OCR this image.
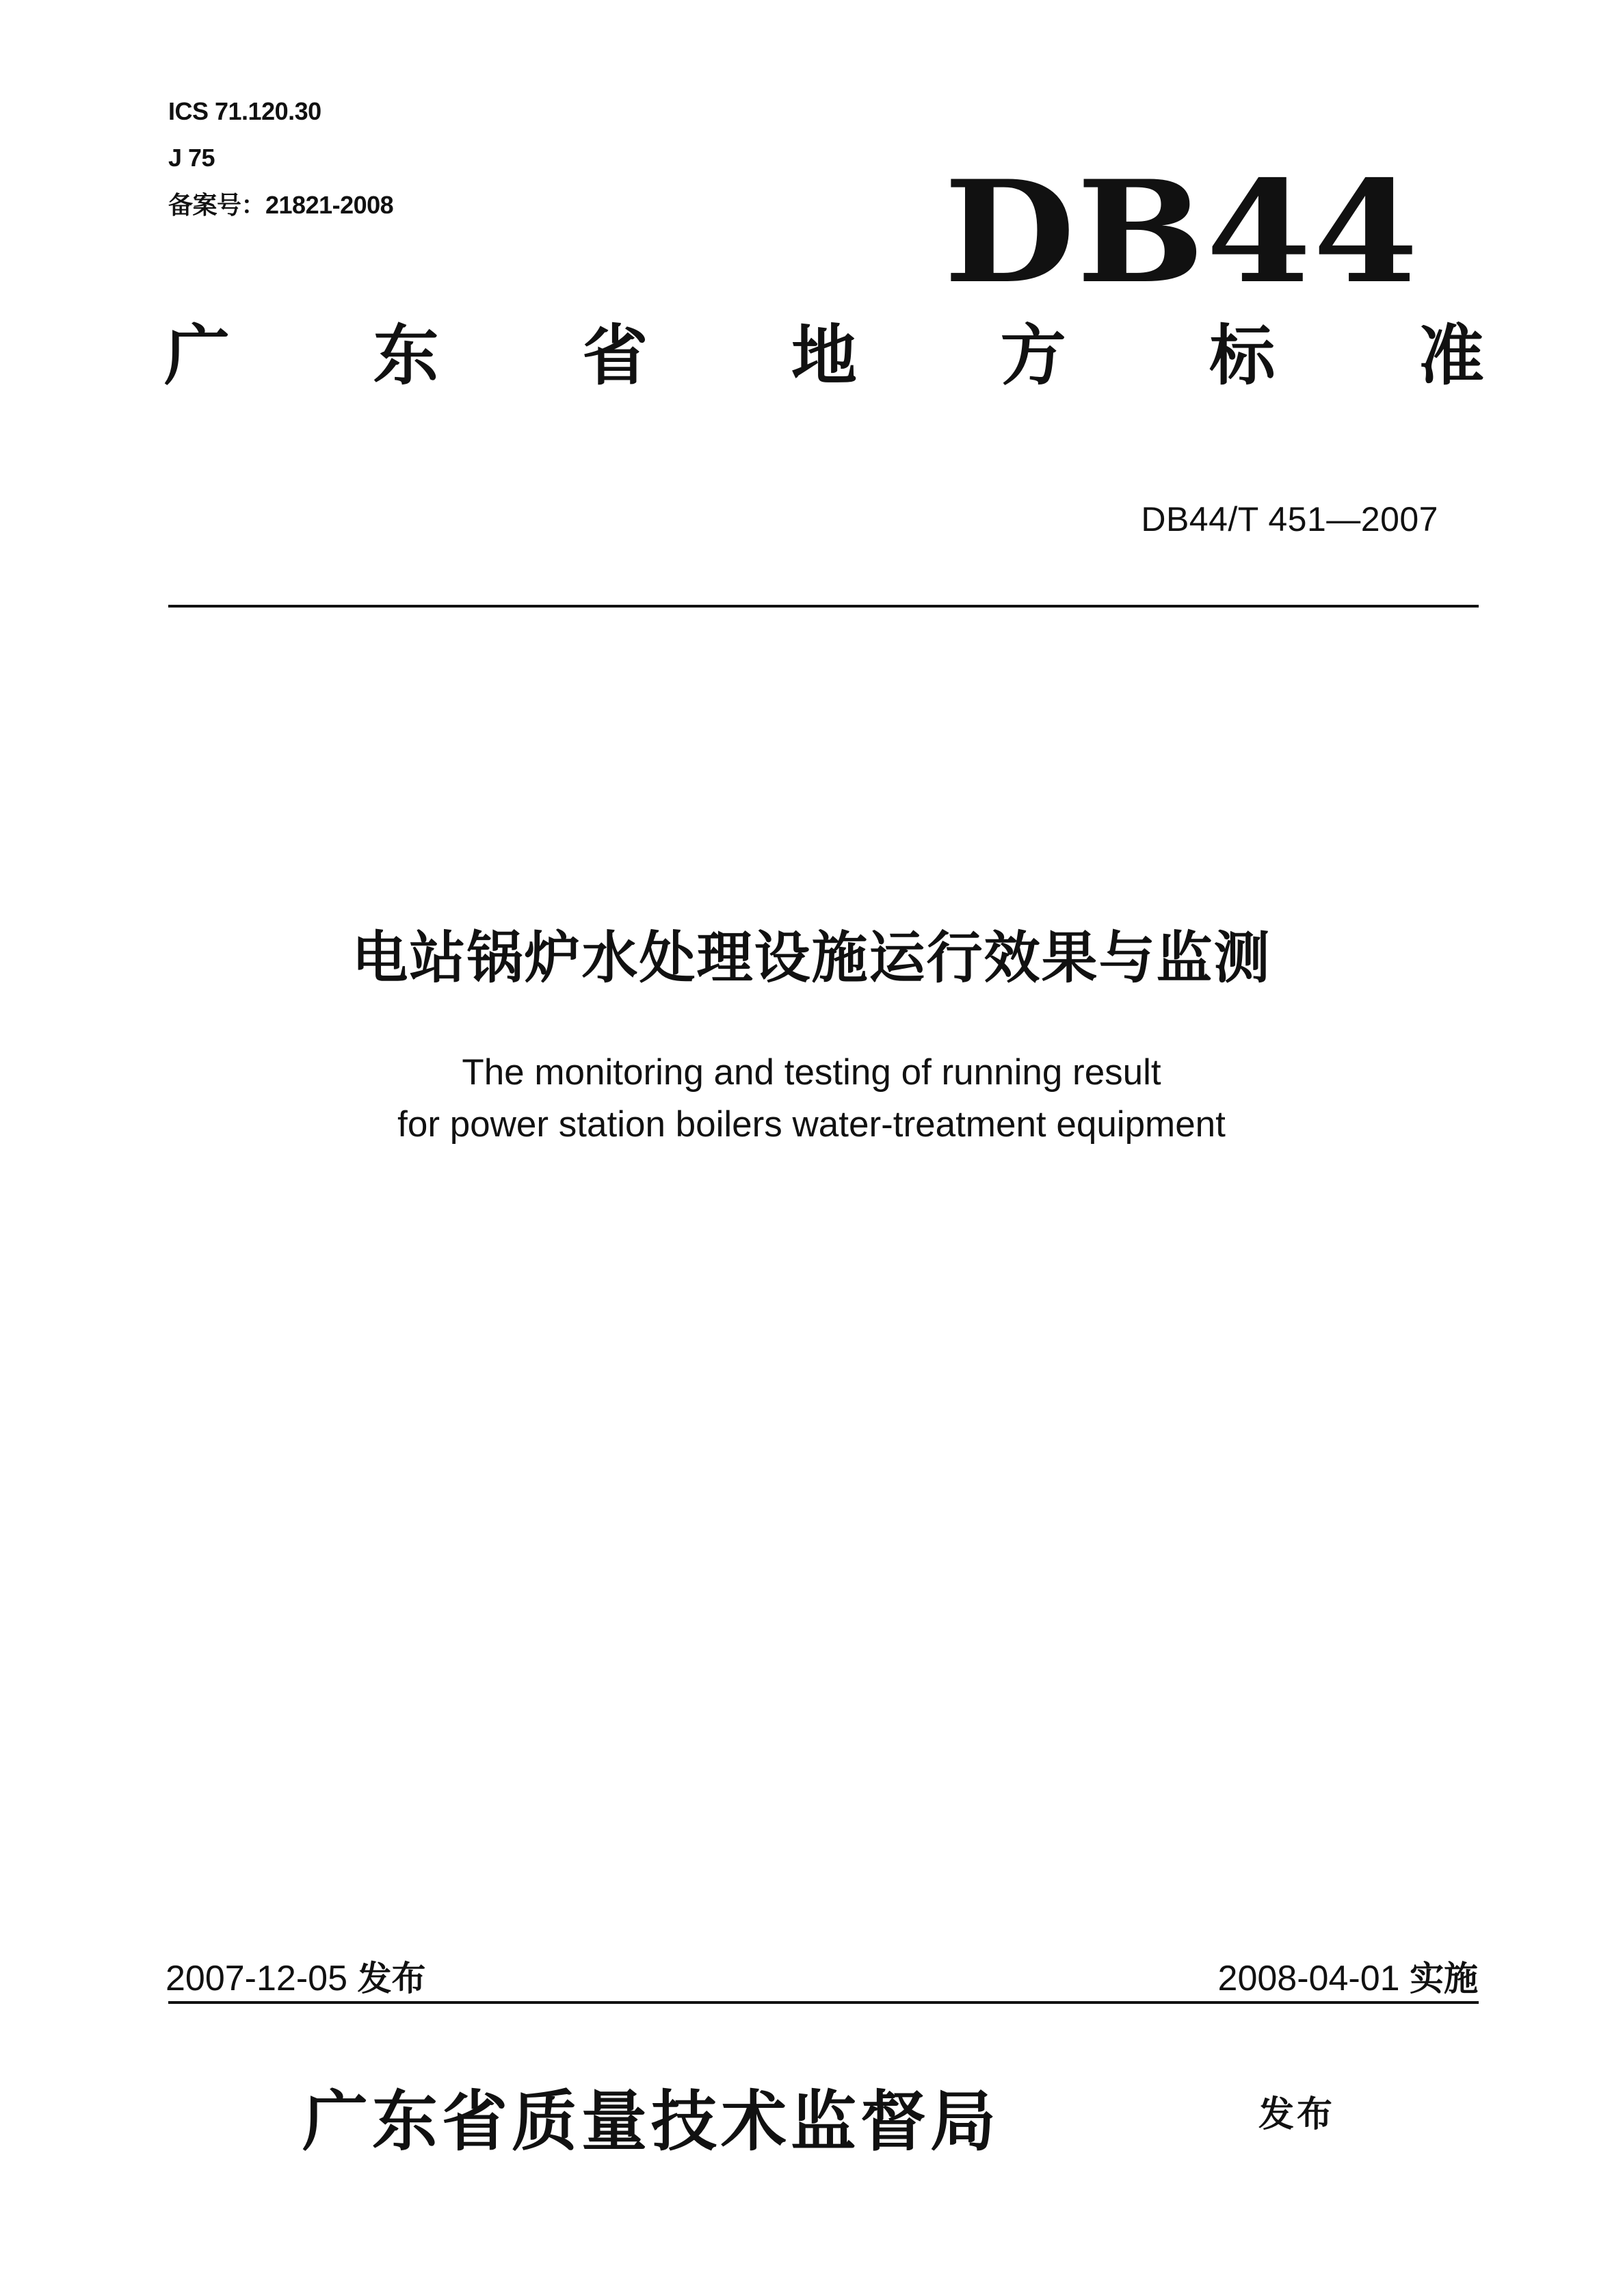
ICS 71.120.30
J 75
备案号：21821-2008	DB44
广 东 省 地 方 标 准
DB44/T 451—2007
电站锅炉水处理设施运行效果与监测
The monitoring and testing of running result
for power station boilers water-treatment equipment
2007-12-05 发布	2008-04-01 实施
广东省质量技术监督局	发布
